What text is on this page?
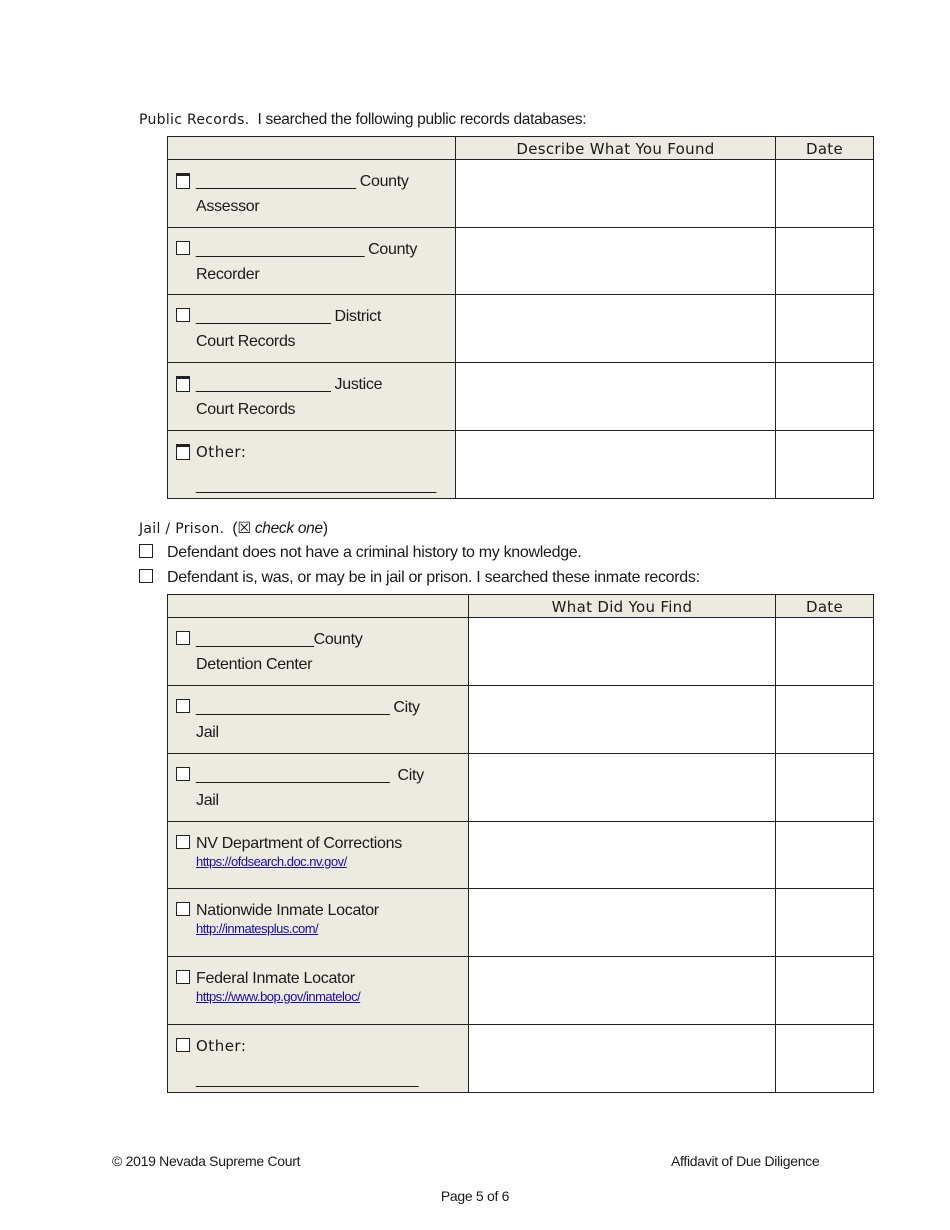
Public Records. I searched the following public records databases:
	Describe What You Found	Date

___________________ County
Assessor		

____________________ County
Recorder		

________________ District
Court Records		

________________ Justice
Court Records		

Other:
___________________________		

Jail / Prison. (☒ check one)
Defendant does not have a criminal history to my knowledge.
Defendant is, was, or may be in jail or prison. I searched these inmate records:
	What Did You Find	Date

______________County
Detention Center		

_______________________ City
Jail		

_______________________ City
Jail		

NV Department of Corrections
https://ofdsearch.doc.nv.gov/		

Nationwide Inmate Locator
http://inmatesplus.com/		

Federal Inmate Locator
https://www.bop.gov/inmateloc/		

Other:
_________________________		

© 2019 Nevada Supreme Court	Affidavit of Due Diligence
Page 5 of 6
